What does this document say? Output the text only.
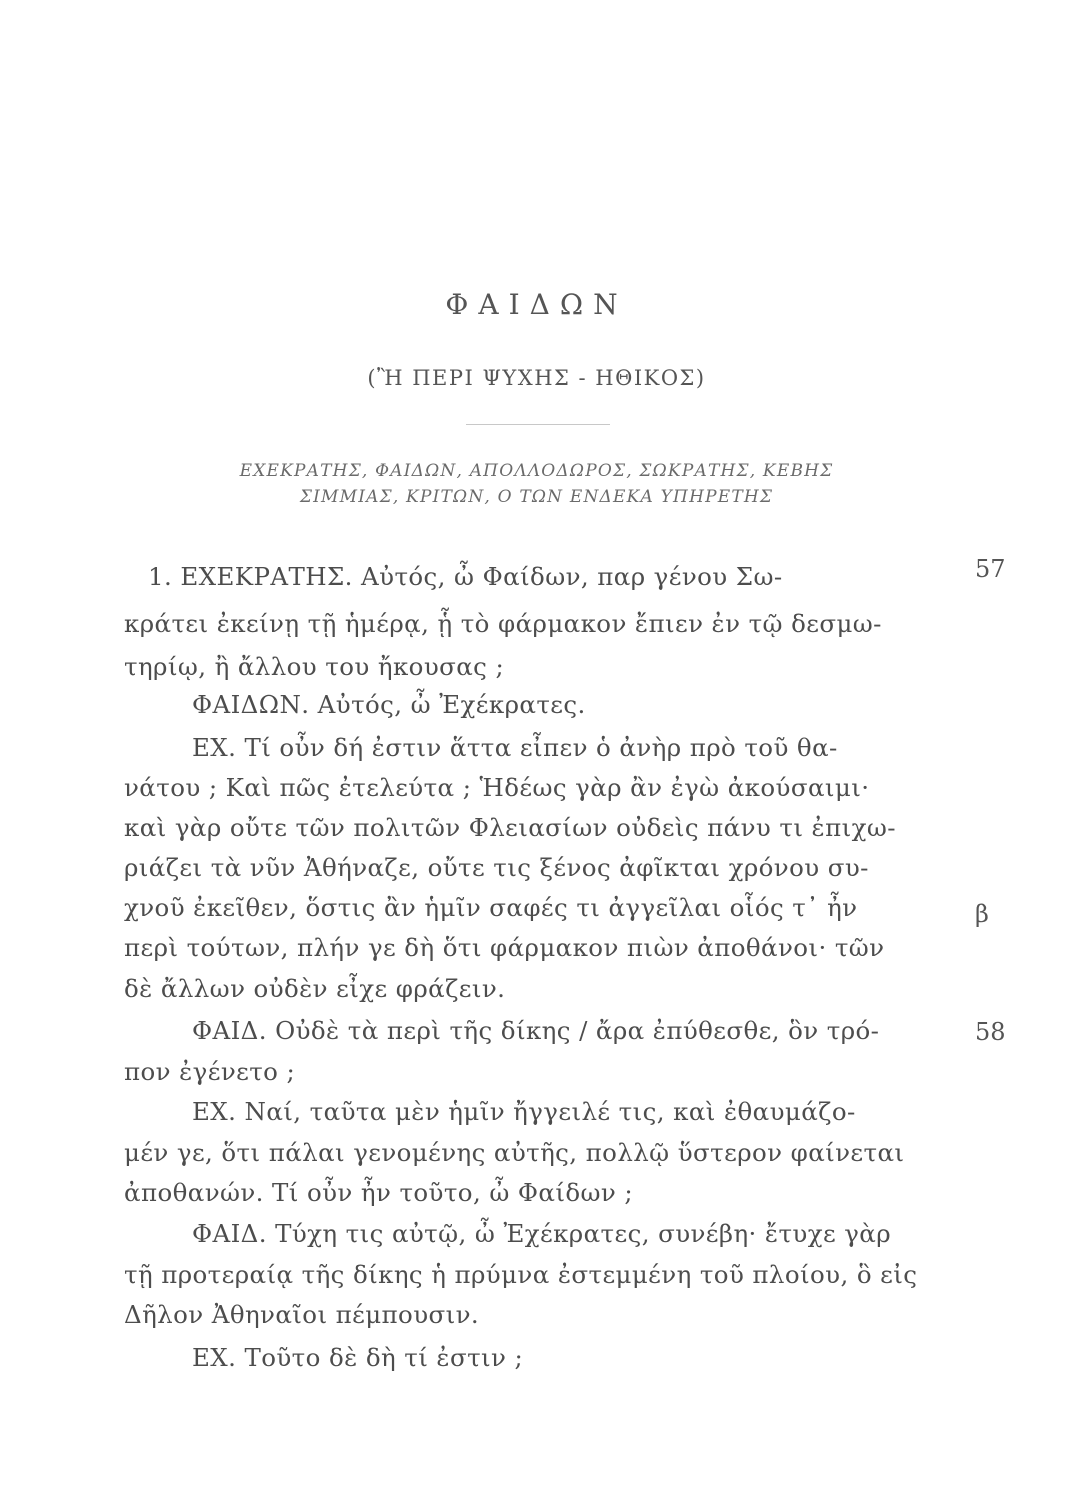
ΦΑΙΔΩΝ
(Ἢ ΠΕΡΙ ΨΥΧΗΣ - ΗΘΙΚΟΣ)
ΕΧΕΚΡΑΤΗΣ, ΦΑΙΔΩΝ, ΑΠΟΛΛΟΔΩΡΟΣ, ΣΩΚΡΑΤΗΣ, ΚΕΒΗΣ
ΣΙΜΜΙΑΣ, ΚΡΙΤΩΝ, Ο ΤΩΝ ΕΝΔΕΚΑ ΥΠΗΡΕΤΗΣ
1. ΕΧΕΚΡΑΤΗΣ. Αὐτός, ὦ Φαίδων, παρ γένου Σω-
κράτει ἐκείνῃ τῇ ἡμέρᾳ, ᾗ τὸ φάρμακον ἔπιεν ἐν τῷ δεσμω-
τηρίῳ, ἢ ἄλλου του ἤκουσας ;
ΦΑΙΔΩΝ. Αὐτός, ὦ Ἐχέκρατες.
ΕΧ. Τί οὖν δή ἐστιν ἅττα εἶπεν ὁ ἀνὴρ πρὸ τοῦ θα-
νάτου ; Καὶ πῶς ἐτελεύτα ; Ἡδέως γὰρ ἂν ἐγὼ ἀκούσαιμι·
καὶ γὰρ οὔτε τῶν πολιτῶν Φλειασίων οὐδεὶς πάνυ τι ἐπιχω-
ριάζει τὰ νῦν Ἀθήναζε, οὔτε τις ξένος ἀφῖκται χρόνου συ-
χνοῦ ἐκεῖθεν, ὅστις ἂν ἡμῖν σαφές τι ἀγγεῖλαι οἷός τ᾽ ἦν
περὶ τούτων, πλήν γε δὴ ὅτι φάρμακον πιὼν ἀποθάνοι· τῶν
δὲ ἄλλων οὐδὲν εἶχε φράζειν.
ΦΑΙΔ. Οὐδὲ τὰ περὶ τῆς δίκης / ἄρα ἐπύθεσθε, ὃν τρό-
πον ἐγένετο ;
ΕΧ. Ναί, ταῦτα μὲν ἡμῖν ἤγγειλέ τις, καὶ ἐθαυμάζο-
μέν γε, ὅτι πάλαι γενομένης αὐτῆς, πολλῷ ὕστερον φαίνεται
ἀποθανών. Τί οὖν ἦν τοῦτο, ὦ Φαίδων ;
ΦΑΙΔ. Τύχη τις αὐτῷ, ὦ Ἐχέκρατες, συνέβη· ἔτυχε γὰρ
τῇ προτεραίᾳ τῆς δίκης ἡ πρύμνα ἐστεμμένη τοῦ πλοίου, ὃ εἰς
Δῆλον Ἀθηναῖοι πέμπουσιν.
ΕΧ. Τοῦτο δὲ δὴ τί ἐστιν ;
57
β
58
